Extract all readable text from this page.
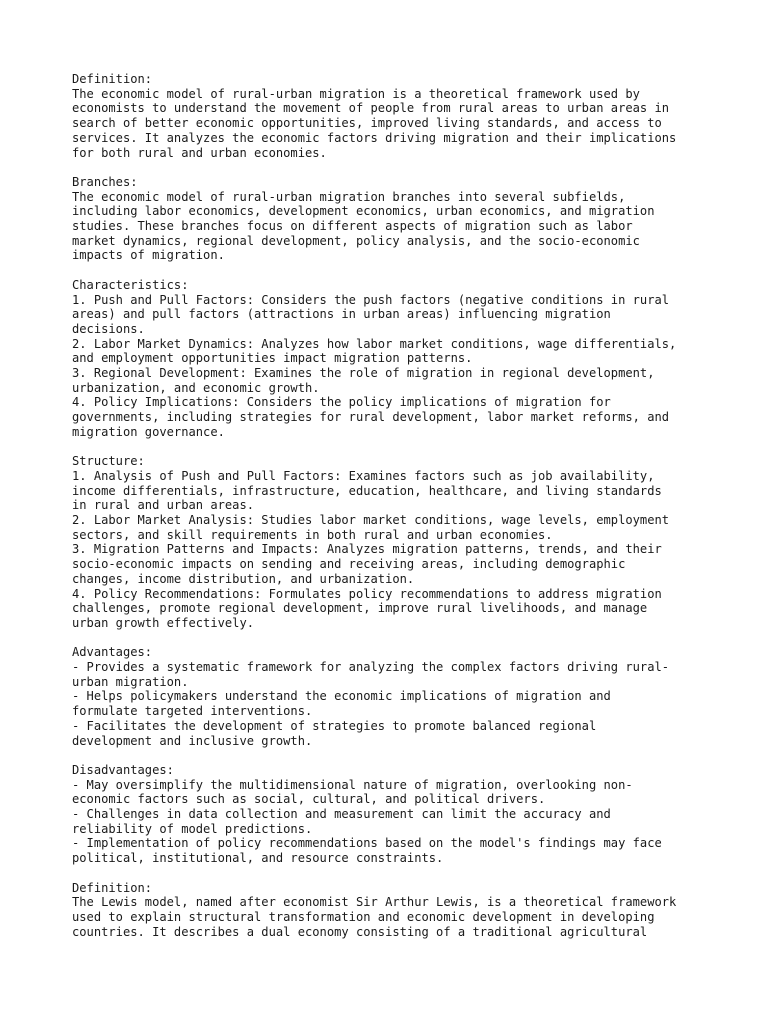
Definition:

The economic model of rural-urban migration is a theoretical framework used by
economists to understand the movement of people from rural areas to urban areas in
search of better economic opportunities, improved living standards, and access to
services. It analyzes the economic factors driving migration and their implications
for both rural and urban economies.

Branches:

The economic model of rural-urban migration branches into several subfields,
including labor economics, development economics, urban economics, and migration
studies. These branches focus on different aspects of migration such as labor
market dynamics, regional development, policy analysis, and the socio-economic
impacts of migration.

Characteristics:

1. Push and Pull Factors: Considers the push factors (negative conditions in rural
areas) and pull factors (attractions in urban areas) influencing migration
decisions.
2. Labor Market Dynamics: Analyzes how labor market conditions, wage differentials,
and employment opportunities impact migration patterns.
3. Regional Development: Examines the role of migration in regional development,
urbanization, and economic growth.
4. Policy Implications: Considers the policy implications of migration for
governments, including strategies for rural development, labor market reforms, and
migration governance.

Structure:

1. Analysis of Push and Pull Factors: Examines factors such as job availability,
income differentials, infrastructure, education, healthcare, and living standards
in rural and urban areas.
2. Labor Market Analysis: Studies labor market conditions, wage levels, employment
sectors, and skill requirements in both rural and urban economies.
3. Migration Patterns and Impacts: Analyzes migration patterns, trends, and their
socio-economic impacts on sending and receiving areas, including demographic
changes, income distribution, and urbanization.
4. Policy Recommendations: Formulates policy recommendations to address migration
challenges, promote regional development, improve rural livelihoods, and manage
urban growth effectively.

Advantages:

- Provides a systematic framework for analyzing the complex factors driving rural-
urban migration.
- Helps policymakers understand the economic implications of migration and
formulate targeted interventions.
- Facilitates the development of strategies to promote balanced regional
development and inclusive growth.

Disadvantages:

- May oversimplify the multidimensional nature of migration, overlooking non-
economic factors such as social, cultural, and political drivers.
- Challenges in data collection and measurement can limit the accuracy and
reliability of model predictions.
- Implementation of policy recommendations based on the model's findings may face
political, institutional, and resource constraints.

Definition:

The Lewis model, named after economist Sir Arthur Lewis, is a theoretical framework
used to explain structural transformation and economic development in developing
countries. It describes a dual economy consisting of a traditional agricultural
